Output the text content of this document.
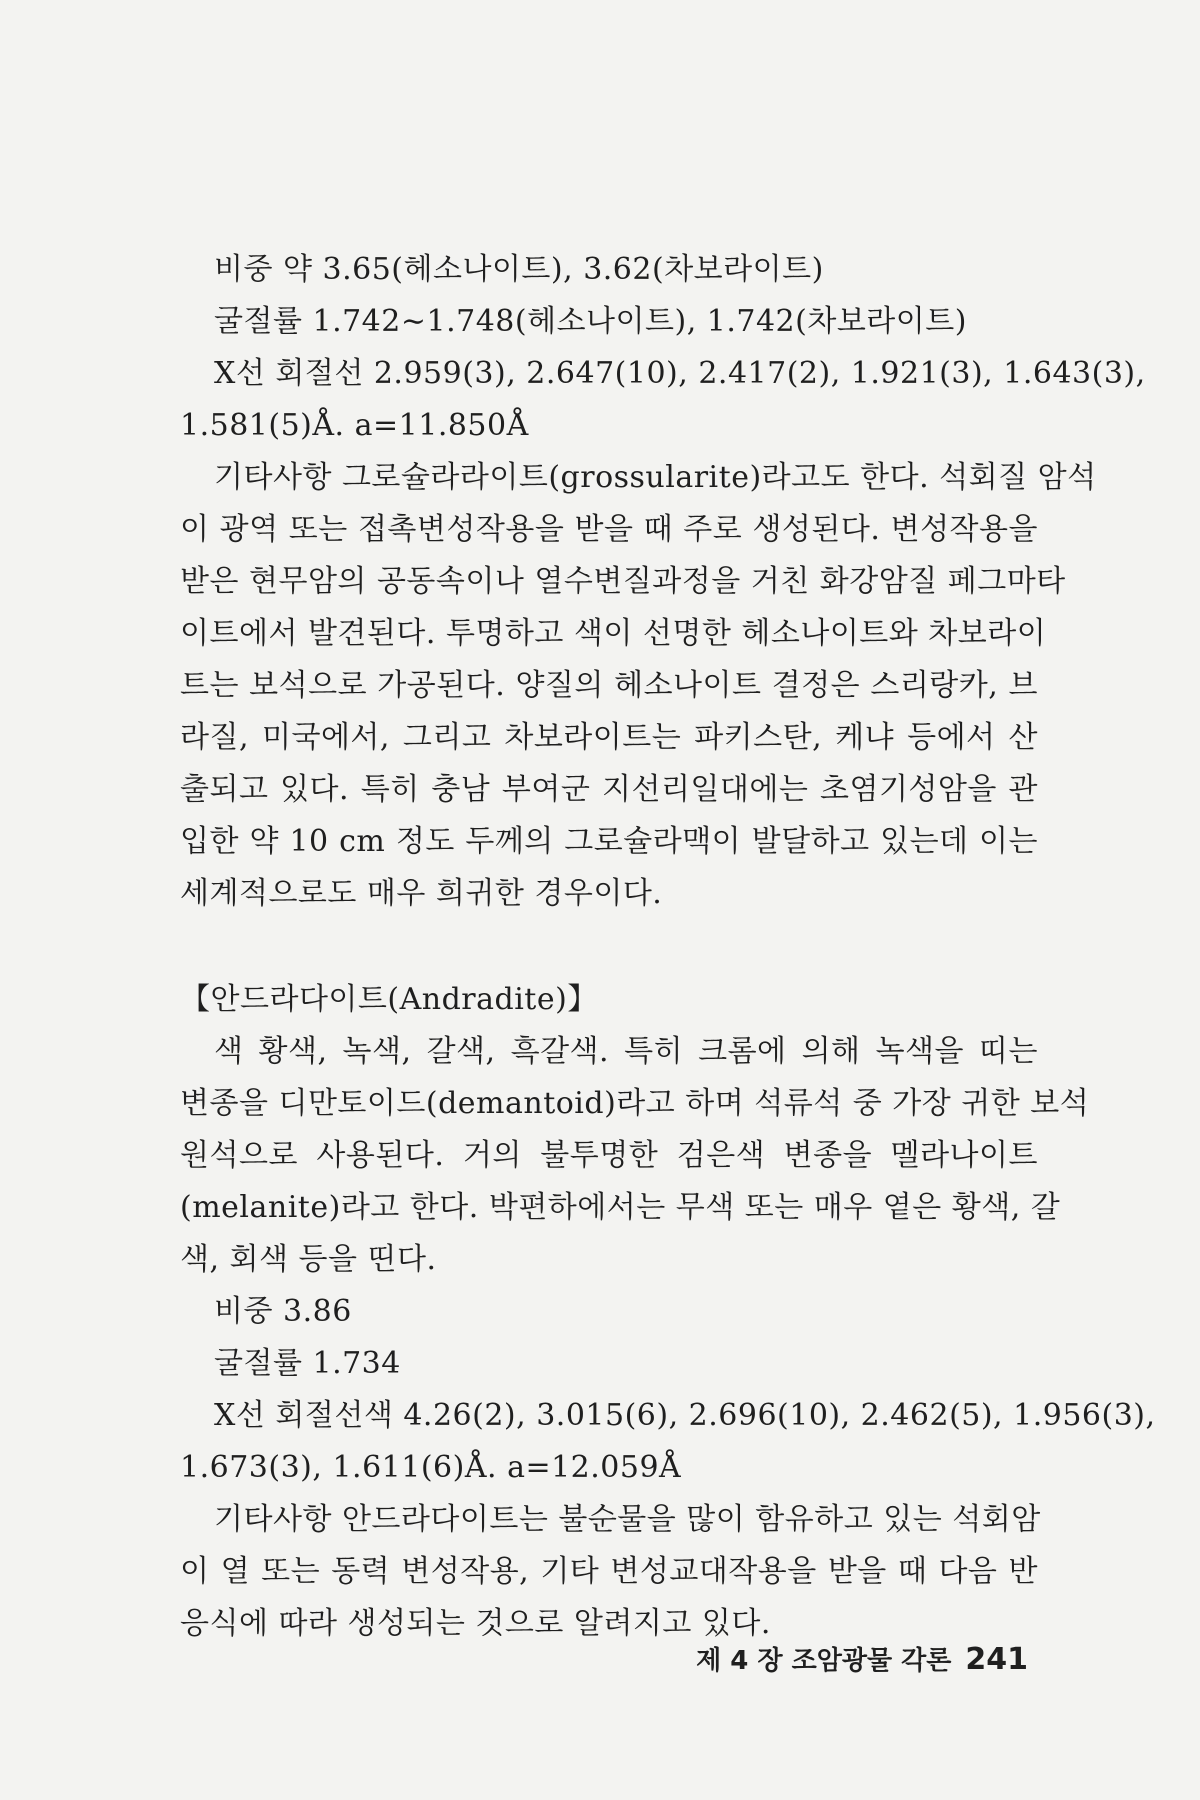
비중 약 3.65(헤소나이트), 3.62(차보라이트)
굴절률 1.742∼1.748(헤소나이트), 1.742(차보라이트)
X선 회절선 2.959(3), 2.647(10), 2.417(2), 1.921(3), 1.643(3),
1.581(5)Å. a=11.850Å
기타사항 그로슐라라이트(grossularite)라고도 한다. 석회질 암석
이 광역 또는 접촉변성작용을 받을 때 주로 생성된다. 변성작용을
받은 현무암의 공동속이나 열수변질과정을 거친 화강암질 페그마타
이트에서 발견된다. 투명하고 색이 선명한 헤소나이트와 차보라이
트는 보석으로 가공된다. 양질의 헤소나이트 결정은 스리랑카, 브
라질, 미국에서, 그리고 차보라이트는 파키스탄, 케냐 등에서 산
출되고 있다. 특히 충남 부여군 지선리일대에는 초염기성암을 관
입한 약 10 cm 정도 두께의 그로슐라맥이 발달하고 있는데 이는
세계적으로도 매우 희귀한 경우이다.
【안드라다이트(Andradite)】
색 황색, 녹색, 갈색, 흑갈색. 특히 크롬에 의해 녹색을 띠는
변종을 디만토이드(demantoid)라고 하며 석류석 중 가장 귀한 보석
원석으로 사용된다. 거의 불투명한 검은색 변종을 멜라나이트
(melanite)라고 한다. 박편하에서는 무색 또는 매우 옅은 황색, 갈
색, 회색 등을 띤다.
비중 3.86
굴절률 1.734
X선 회절선색 4.26(2), 3.015(6), 2.696(10), 2.462(5), 1.956(3),
1.673(3), 1.611(6)Å. a=12.059Å
기타사항 안드라다이트는 불순물을 많이 함유하고 있는 석회암
이 열 또는 동력 변성작용, 기타 변성교대작용을 받을 때 다음 반
응식에 따라 생성되는 것으로 알려지고 있다.
제 4 장 조암광물 각론 241
